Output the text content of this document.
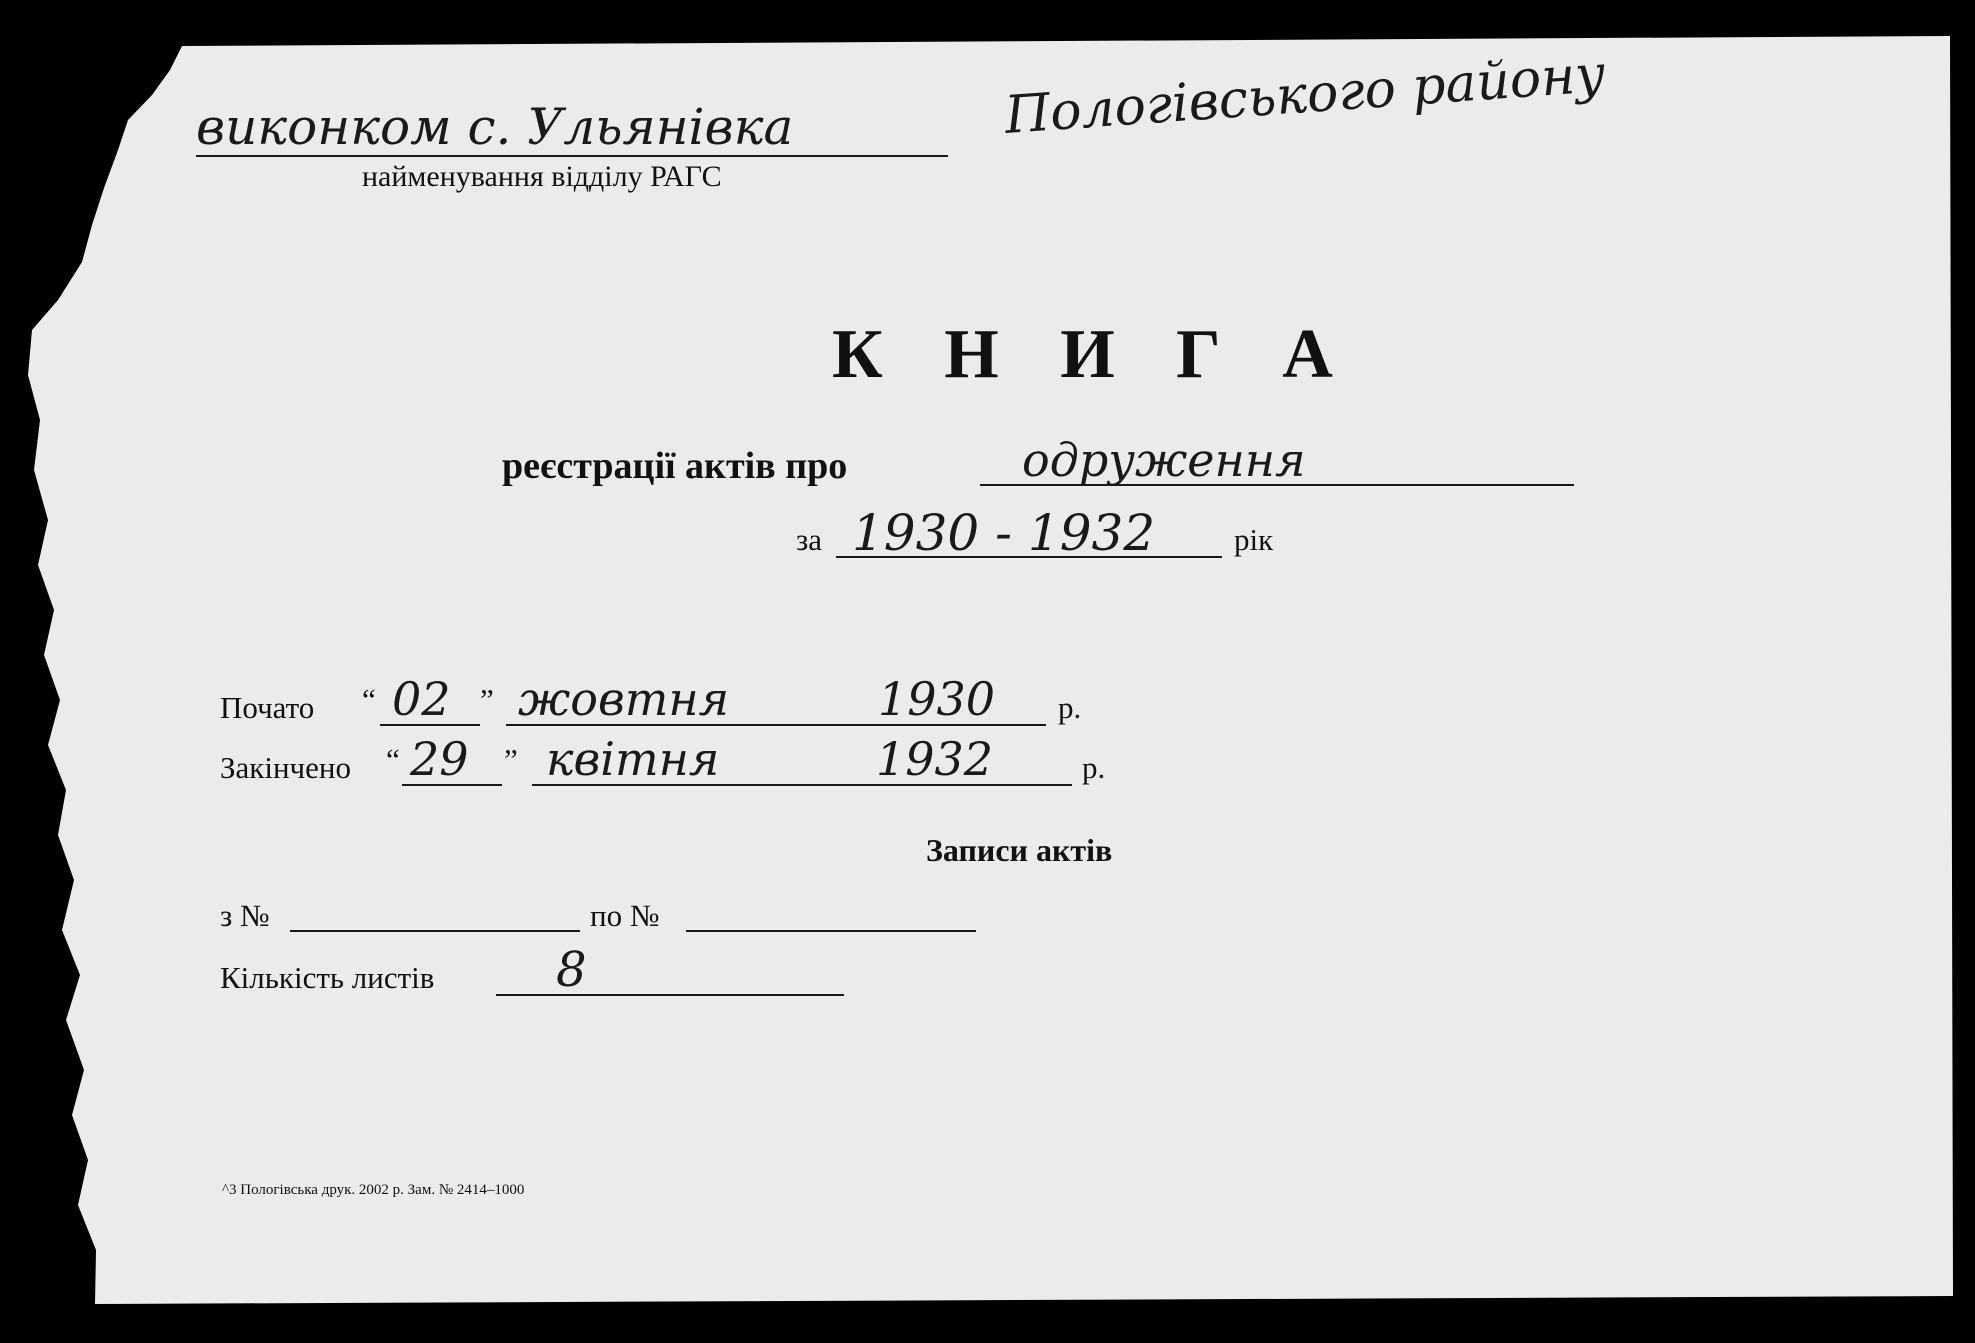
виконком с. Ульянівка	Пологівського району
найменування відділу РАГС
К Н И Г А
реєстрації актів про	одруження
за 1930 - 1932	рік
Почато “ 02 ” жовтня	1930 р.
Закінчено “ 29 ” квітня	1932	р.
Записи актів
з №	по №
Кількість листів	8
^3 Пологівська друк. 2002 р. Зам. № 2414–1000
